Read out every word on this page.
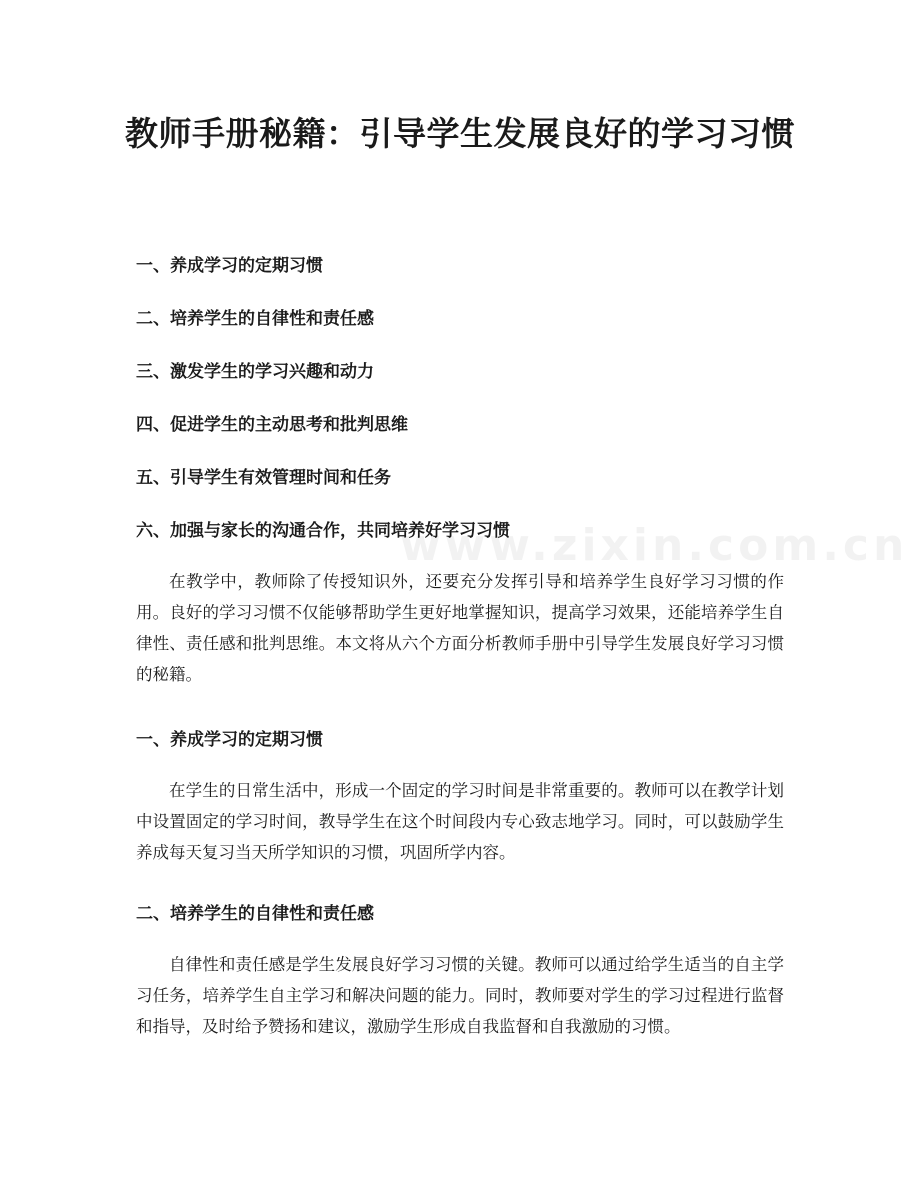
www.zixin.com.cn
教师手册秘籍：引导学生发展良好的学习习惯
一、养成学习的定期习惯
二、培养学生的自律性和责任感
三、激发学生的学习兴趣和动力
四、促进学生的主动思考和批判思维
五、引导学生有效管理时间和任务
六、加强与家长的沟通合作，共同培养好学习习惯

在教学中，教师除了传授知识外，还要充分发挥引导和培养学生良好学习习惯的作用。良好的学习习惯不仅能够帮助学生更好地掌握知识，提高学习效果，还能培养学生自律性、责任感和批判思维。本文将从六个方面分析教师手册中引导学生发展良好学习习惯的秘籍。

一、养成学习的定期习惯

在学生的日常生活中，形成一个固定的学习时间是非常重要的。教师可以在教学计划中设置固定的学习时间，教导学生在这个时间段内专心致志地学习。同时，可以鼓励学生养成每天复习当天所学知识的习惯，巩固所学内容。

二、培养学生的自律性和责任感

自律性和责任感是学生发展良好学习习惯的关键。教师可以通过给学生适当的自主学习任务，培养学生自主学习和解决问题的能力。同时，教师要对学生的学习过程进行监督和指导，及时给予赞扬和建议，激励学生形成自我监督和自我激励的习惯。
